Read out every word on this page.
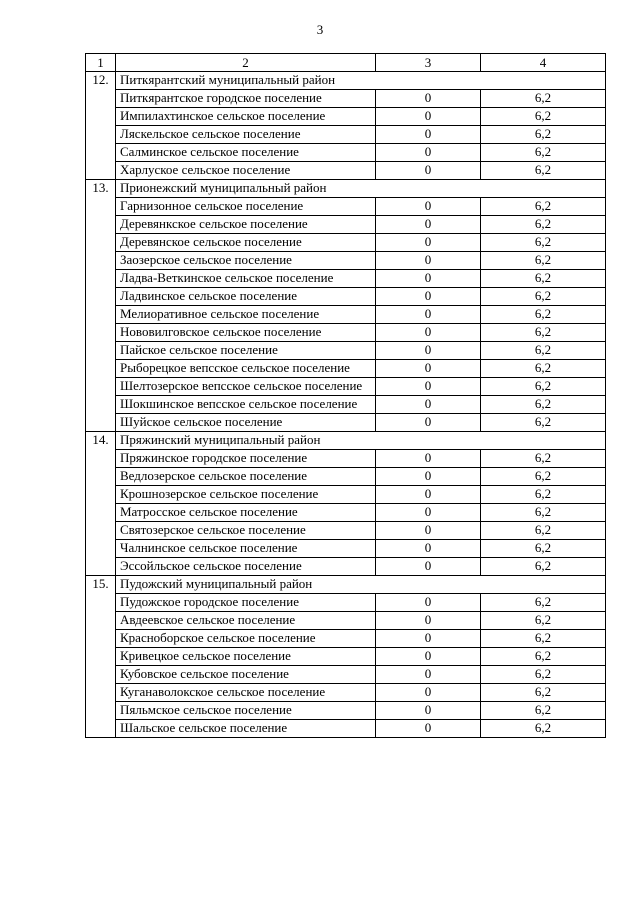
3
1	2	3	4
12.	Питкярантский муниципальный район		
	Питкярантское городское поселение	0	6,2
	Импилахтинское сельское поселение	0	6,2
	Ляскельское сельское поселение	0	6,2
	Салминское сельское поселение	0	6,2
	Харлуское сельское поселение	0	6,2
13.	Прионежский муниципальный район		
	Гарнизонное сельское поселение	0	6,2
	Деревянкское сельское поселение	0	6,2
	Деревянское сельское поселение	0	6,2
	Заозерское сельское поселение	0	6,2
	Ладва-Веткинское сельское поселение	0	6,2
	Ладвинское сельское поселение	0	6,2
	Мелиоративное сельское поселение	0	6,2
	Нововилговское сельское поселение	0	6,2
	Пайское сельское поселение	0	6,2
	Рыборецкое вепсское сельское поселение	0	6,2
	Шелтозерское вепсское сельское поселение	0	6,2
	Шокшинское вепсское сельское поселение	0	6,2
	Шуйское сельское поселение	0	6,2
14.	Пряжинский муниципальный район		
	Пряжинское городское поселение	0	6,2
	Ведлозерское сельское поселение	0	6,2
	Крошнозерское сельское поселение	0	6,2
	Матросское сельское поселение	0	6,2
	Святозерское сельское поселение	0	6,2
	Чалнинское сельское поселение	0	6,2
	Эссойльское сельское поселение	0	6,2
15.	Пудожский муниципальный район		
	Пудожское городское поселение	0	6,2
	Авдеевское сельское поселение	0	6,2
	Красноборское сельское поселение	0	6,2
	Кривецкое сельское поселение	0	6,2
	Кубовское сельское поселение	0	6,2
	Куганаволокское сельское поселение	0	6,2
	Пяльмское сельское поселение	0	6,2
	Шальское сельское поселение	0	6,2
